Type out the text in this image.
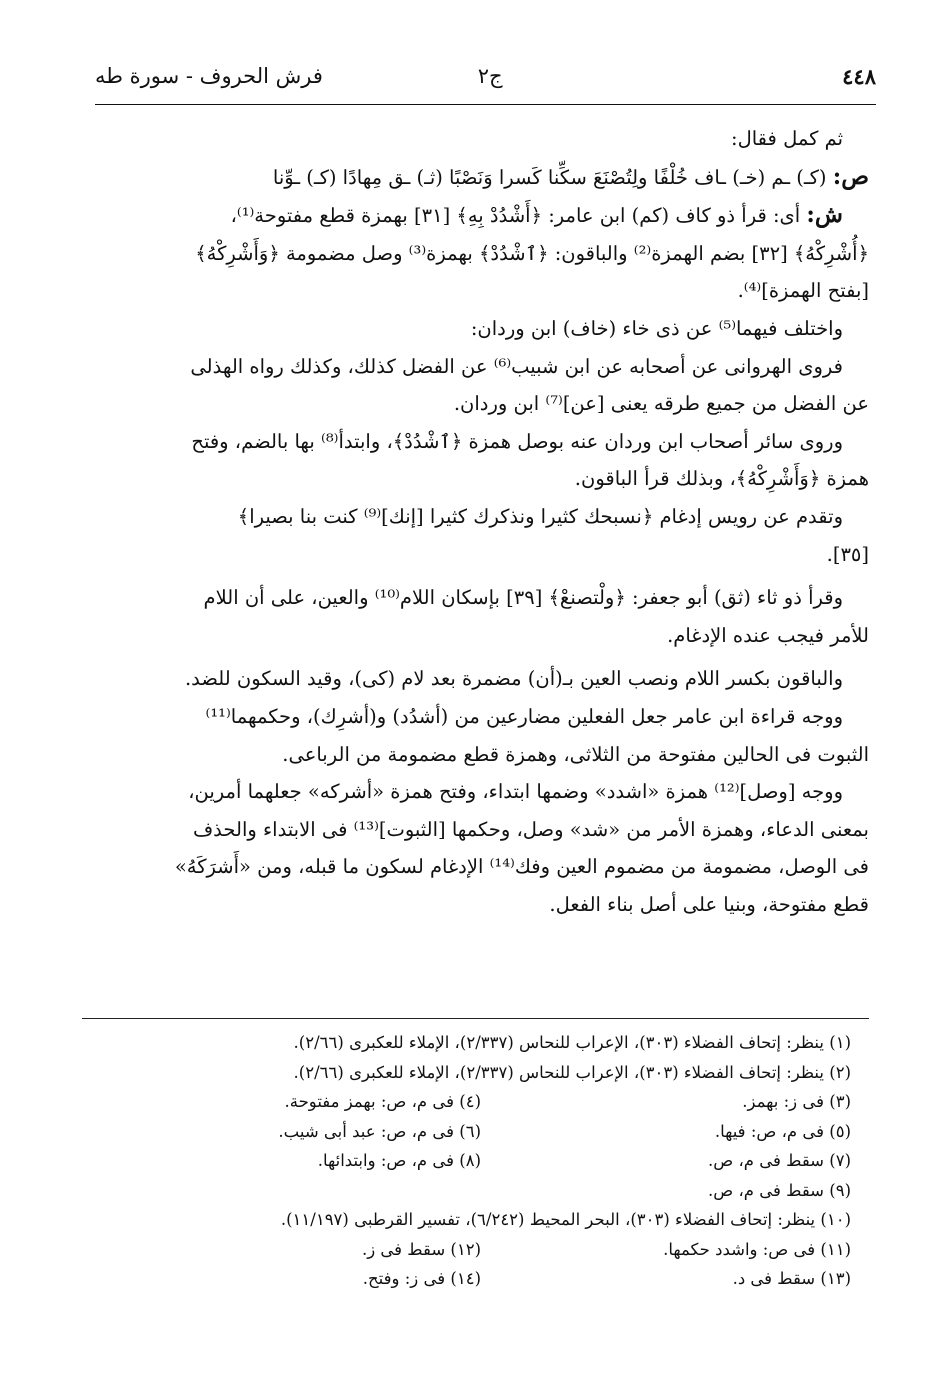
٤٤٨
ج٢
فرش الحروف - سورة طه

ثم كمل فقال:

ص: (كـ) ـم (خـ) ـاف خُلْفًا ولِتُصْنَعَ سكِّنا كَسرا وَنَصْبًا (ثـ) ـق مِهادًا (كـ) ـوِّنا

ش: أى: قرأ ذو كاف (كم) ابن عامر: ﴿أَشْدُدْ بِهِ﴾ [٣١] بهمزة قطع مفتوحة⁽¹⁾،

﴿أُشْرِكْهُ﴾ [٣٢] بضم الهمزة⁽²⁾ والباقون: ﴿ٱشْدُدْ﴾ بهمزة⁽³⁾ وصل مضمومة ﴿وَأَشْرِكْهُ﴾

[بفتح الهمزة]⁽⁴⁾.

واختلف فيهما⁽⁵⁾ عن ذى خاء (خاف) ابن وردان:

فروى الهروانى عن أصحابه عن ابن شبيب⁽⁶⁾ عن الفضل كذلك، وكذلك رواه الهذلى

عن الفضل من جميع طرقه يعنى [عن]⁽⁷⁾ ابن وردان.

وروى سائر أصحاب ابن وردان عنه بوصل همزة ﴿ٱشْدُدْ﴾، وابتدأ⁽⁸⁾ بها بالضم، وفتح

همزة ﴿وَأَشْرِكْهُ﴾، وبذلك قرأ الباقون.

وتقدم عن رويس إدغام ﴿نسبحك كثيرا ونذكرك كثيرا [إنك]⁽⁹⁾ كنت بنا بصيرا﴾

[٣٥].

وقرأ ذو ثاء (ثق) أبو جعفر: ﴿ولْتصنعْ﴾ [٣٩] بإسكان اللام⁽¹⁰⁾ والعين، على أن اللام

للأمر فيجب عنده الإدغام.

والباقون بكسر اللام ونصب العين بـ(أن) مضمرة بعد لام (كى)، وقيد السكون للضد.

ووجه قراءة ابن عامر جعل الفعلين مضارعين من (أشدُد) و(أشرِك)، وحكمهما⁽¹¹⁾

الثبوت فى الحالين مفتوحة من الثلاثى، وهمزة قطع مضمومة من الرباعى.

ووجه [وصل]⁽¹²⁾ همزة «اشدد» وضمها ابتداء، وفتح همزة «أشركه» جعلهما أمرين،

بمعنى الدعاء، وهمزة الأمر من «شد» وصل، وحكمها [الثبوت]⁽¹³⁾ فى الابتداء والحذف

فى الوصل، مضمومة من مضموم العين وفك⁽¹⁴⁾ الإدغام لسكون ما قبله، ومن «أَشرَكَهُ»

قطع مفتوحة، وبنيا على أصل بناء الفعل.

(١) ينظر: إتحاف الفضلاء (٣٠٣)، الإعراب للنحاس (٢/٣٣٧)، الإملاء للعكبرى (٢/٦٦).
(٢) ينظر: إتحاف الفضلاء (٣٠٣)، الإعراب للنحاس (٢/٣٣٧)، الإملاء للعكبرى (٢/٦٦).
(٣) فى ز: بهمز.
(٤) فى م، ص: بهمز مفتوحة.
(٥) فى م، ص: فيها.
(٦) فى م، ص: عبد أبى شيب.
(٧) سقط فى م، ص.
(٨) فى م، ص: وابتدائها.
(٩) سقط فى م، ص.
(١٠) ينظر: إتحاف الفضلاء (٣٠٣)، البحر المحيط (٦/٢٤٢)، تفسير القرطبى (١١/١٩٧).
(١١) فى ص: واشدد حكمها.
(١٢) سقط فى ز.
(١٣) سقط فى د.
(١٤) فى ز: وفتح.
